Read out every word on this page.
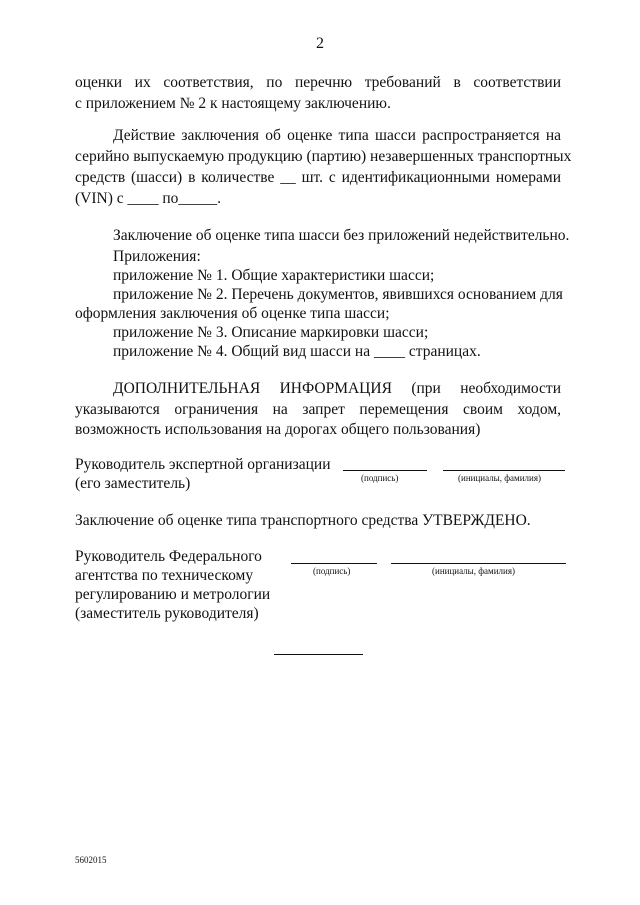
2
оценки их соответствия, по перечню требований в соответствии
с приложением № 2 к настоящему заключению.
Действие заключения об оценке типа шасси распространяется на
серийно выпускаемую продукцию (партию) незавершенных транспортных
средств (шасси) в количестве __ шт. с идентификационными номерами
(VIN) с ____ по_____.
Заключение об оценке типа шасси без приложений недействительно.
Приложения:
приложение № 1. Общие характеристики шасси;
приложение № 2. Перечень документов, явившихся основанием для
оформления заключения об оценке типа шасси;
приложение № 3. Описание маркировки шасси;
приложение № 4. Общий вид шасси на ____ страницах.
ДОПОЛНИТЕЛЬНАЯ ИНФОРМАЦИЯ (при необходимости
указываются ограничения на запрет перемещения своим ходом,
возможность использования на дорогах общего пользования)
Руководитель экспертной организации
(его заместитель)	(подпись)	(инициалы, фамилия)
Заключение об оценке типа транспортного средства УТВЕРЖДЕНО.
Руководитель Федерального
агентства по техническому
регулированию и метрологии
(заместитель руководителя)
(подпись)	(инициалы, фамилия)
5602015
